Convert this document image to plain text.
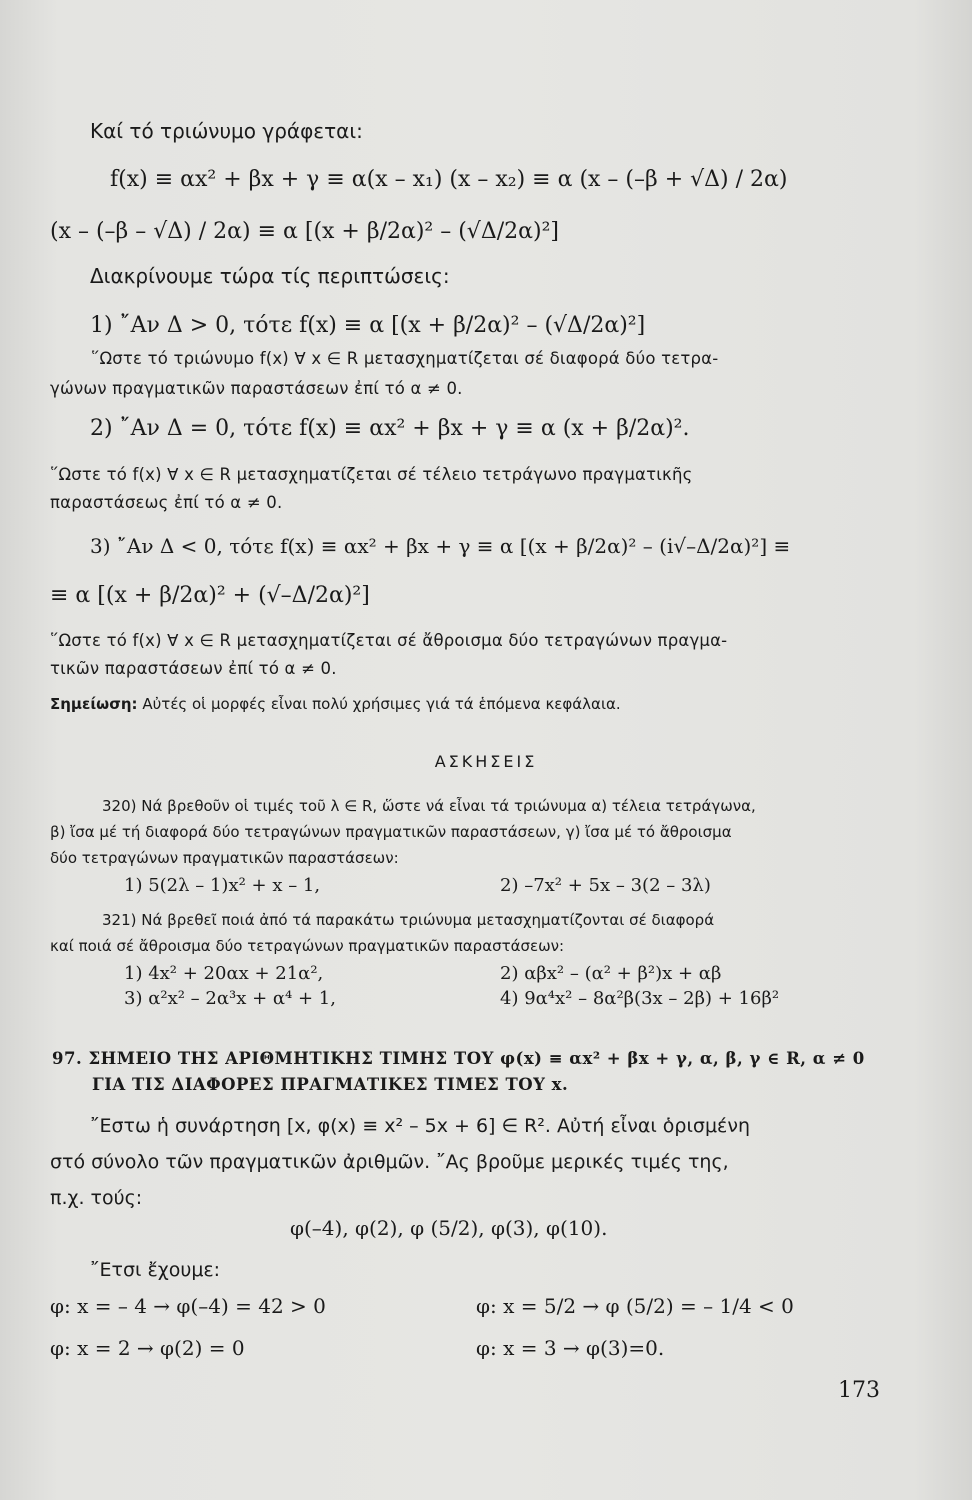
Καί τό τριώνυμο γράφεται:
f(x) ≡ αx² + βx + γ ≡ α(x – x₁) (x – x₂) ≡ α (x – (–β + √Δ) / 2α)
(x – (–β – √Δ) / 2α) ≡ α [(x + β/2α)² – (√Δ/2α)²]
Διακρίνουμε τώρα τίς περιπτώσεις:
1) ῎Αν Δ > 0, τότε f(x) ≡ α [(x + β/2α)² – (√Δ/2α)²]
῞Ωστε τό τριώνυμο f(x) ∀ x ∈ R μετασχηματίζεται σέ διαφορά δύο τετρα-
γώνων πραγματικῶν παραστάσεων ἐπί τό α ≠ 0.
2) ῎Αν Δ = 0, τότε f(x) ≡ αx² + βx + γ ≡ α (x + β/2α)².
῞Ωστε τό f(x) ∀ x ∈ R μετασχηματίζεται σέ τέλειο τετράγωνο πραγματικῆς
παραστάσεως ἐπί τό α ≠ 0.
3) ῎Αν Δ < 0, τότε f(x) ≡ αx² + βx + γ ≡ α [(x + β/2α)² – (i√–Δ/2α)²] ≡
≡ α [(x + β/2α)² + (√–Δ/2α)²]
῞Ωστε τό f(x) ∀ x ∈ R μετασχηματίζεται σέ ἄθροισμα δύο τετραγώνων πραγμα-
τικῶν παραστάσεων ἐπί τό α ≠ 0.
Σημείωση: Αὐτές οἱ μορφές εἶναι πολύ χρήσιμες γιά τά ἑπόμενα κεφάλαια.
ΑΣΚΗΣΕΙΣ
320) Νά βρεθοῦν οἱ τιμές τοῦ λ ∈ R, ὥστε νά εἶναι τά τριώνυμα α) τέλεια τετράγωνα,
β) ἴσα μέ τή διαφορά δύο τετραγώνων πραγματικῶν παραστάσεων, γ) ἴσα μέ τό ἄθροισμα
δύο τετραγώνων πραγματικῶν παραστάσεων:
1) 5(2λ – 1)x² + x – 1,	2) –7x² + 5x – 3(2 – 3λ)
321) Νά βρεθεῖ ποιά ἀπό τά παρακάτω τριώνυμα μετασχηματίζονται σέ διαφορά
καί ποιά σέ ἄθροισμα δύο τετραγώνων πραγματικῶν παραστάσεων:
1) 4x² + 20αx + 21α²,	2) αβx² – (α² + β²)x + αβ
3) α²x² – 2α³x + α⁴ + 1,	4) 9α⁴x² – 8α²β(3x – 2β) + 16β²
97. ΣΗΜΕΙΟ ΤΗΣ ΑΡΙΘΜΗΤΙΚΗΣ ΤΙΜΗΣ ΤΟΥ φ(x) ≡ αx² + βx + γ, α, β, γ ∈ R, α ≠ 0
ΓΙΑ ΤΙΣ ΔΙΑΦΟΡΕΣ ΠΡΑΓΜΑΤΙΚΕΣ ΤΙΜΕΣ ΤΟΥ x.
῎Εστω ἡ συνάρτηση [x, φ(x) ≡ x² – 5x + 6] ∈ R². Αὐτή εἶναι ὁρισμένη
στό σύνολο τῶν πραγματικῶν ἀριθμῶν. ῎Ας βροῦμε μερικές τιμές της,
π.χ. τούς:
φ(–4), φ(2), φ (5/2), φ(3), φ(10).
῎Ετσι ἔχουμε:
φ: x = – 4 → φ(–4) = 42 > 0	φ: x = 5/2 → φ (5/2) = – 1/4 < 0
φ: x = 2 → φ(2) = 0	φ: x = 3 → φ(3)=0.
173
